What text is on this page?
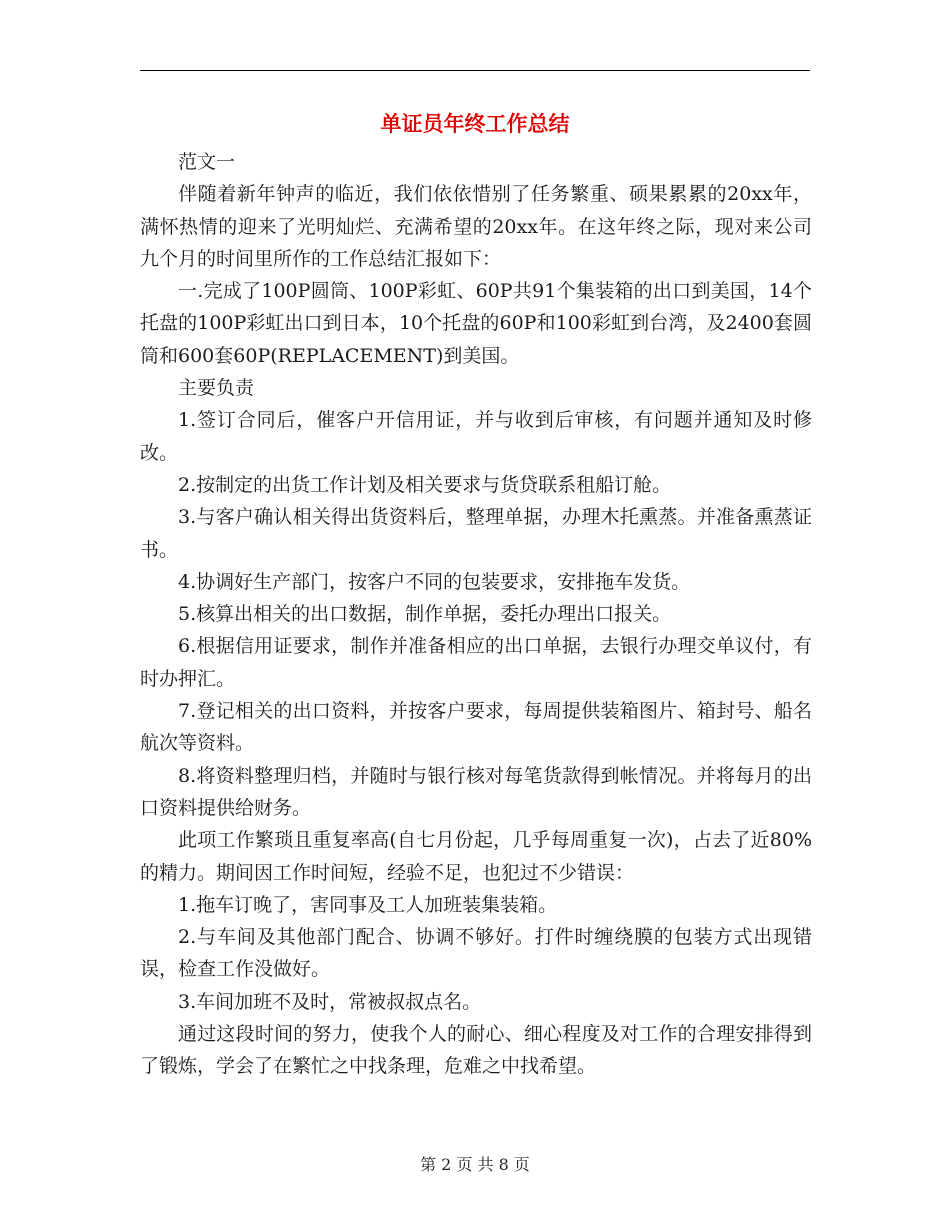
单证员年终工作总结

范文一

伴随着新年钟声的临近，我们依依惜别了任务繁重、硕果累累的20xx年，满怀热情的迎来了光明灿烂、充满希望的20xx年。在这年终之际，现对来公司九个月的时间里所作的工作总结汇报如下：

一.完成了100P圆筒、100P彩虹、60P共91个集装箱的出口到美国，14个托盘的100P彩虹出口到日本，10个托盘的60P和100彩虹到台湾，及2400套圆筒和600套60P(REPLACEMENT)到美国。

主要负责

1.签订合同后，催客户开信用证，并与收到后审核，有问题并通知及时修改。

2.按制定的出货工作计划及相关要求与货贷联系租船订舱。

3.与客户确认相关得出货资料后，整理单据，办理木托熏蒸。并准备熏蒸证书。

4.协调好生产部门，按客户不同的包装要求，安排拖车发货。

5.核算出相关的出口数据，制作单据，委托办理出口报关。

6.根据信用证要求，制作并准备相应的出口单据，去银行办理交单议付，有时办押汇。

7.登记相关的出口资料，并按客户要求，每周提供装箱图片、箱封号、船名航次等资料。

8.将资料整理归档，并随时与银行核对每笔货款得到帐情况。并将每月的出口资料提供给财务。

此项工作繁琐且重复率高(自七月份起，几乎每周重复一次)，占去了近80%的精力。期间因工作时间短，经验不足，也犯过不少错误：

1.拖车订晚了，害同事及工人加班装集装箱。

2.与车间及其他部门配合、协调不够好。打件时缠绕膜的包装方式出现错误，检查工作没做好。

3.车间加班不及时，常被叔叔点名。

通过这段时间的努力，使我个人的耐心、细心程度及对工作的合理安排得到了锻炼，学会了在繁忙之中找条理，危难之中找希望。

第 2 页 共 8 页
